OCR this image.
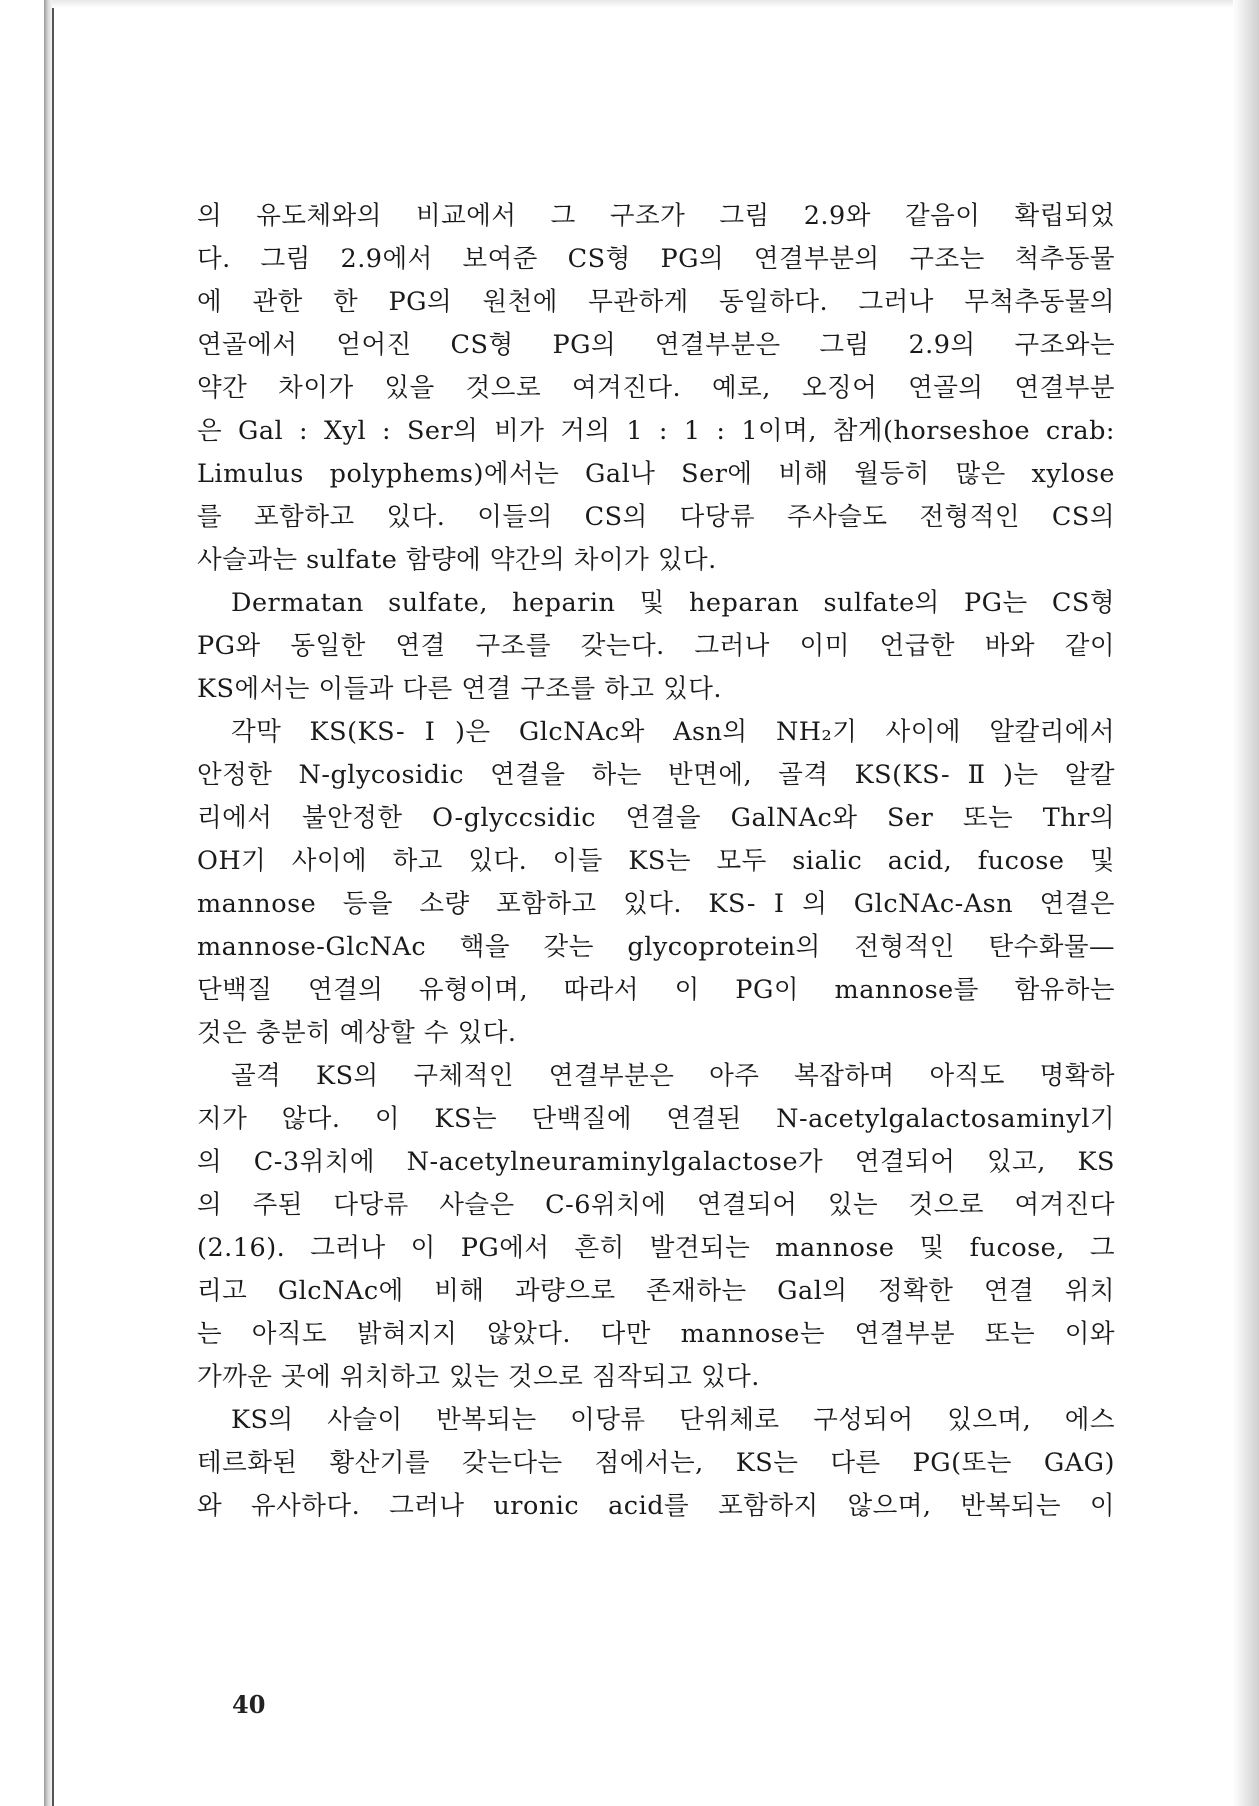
의 유도체와의 비교에서 그 구조가 그림 2.9와 같음이 확립되었
다. 그림 2.9에서 보여준 CS형 PG의 연결부분의 구조는 척추동물
에 관한 한 PG의 원천에 무관하게 동일하다. 그러나 무척추동물의
연골에서 얻어진 CS형 PG의 연결부분은 그림 2.9의 구조와는
약간 차이가 있을 것으로 여겨진다. 예로, 오징어 연골의 연결부분
은 Gal : Xyl : Ser의 비가 거의 1 : 1 : 1이며, 참게(horseshoe crab:
Limulus polyphems)에서는 Gal나 Ser에 비해 월등히 많은 xylose
를 포함하고 있다. 이들의 CS의 다당류 주사슬도 전형적인 CS의
사슬과는 sulfate 함량에 약간의 차이가 있다.
Dermatan sulfate, heparin 및 heparan sulfate의 PG는 CS형
PG와 동일한 연결 구조를 갖는다. 그러나 이미 언급한 바와 같이
KS에서는 이들과 다른 연결 구조를 하고 있다.
각막 KS(KS-Ⅰ)은 GlcNAc와 Asn의 NH₂기 사이에 알칼리에서
안정한 N-glycosidic 연결을 하는 반면에, 골격 KS(KS-Ⅱ)는 알칼
리에서 불안정한 O-glyccsidic 연결을 GalNAc와 Ser 또는 Thr의
OH기 사이에 하고 있다. 이들 KS는 모두 sialic acid, fucose 및
mannose 등을 소량 포함하고 있다. KS-Ⅰ의 GlcNAc-Asn 연결은
mannose-GlcNAc 핵을 갖는 glycoprotein의 전형적인 탄수화물—
단백질 연결의 유형이며, 따라서 이 PG이 mannose를 함유하는
것은 충분히 예상할 수 있다.
골격 KS의 구체적인 연결부분은 아주 복잡하며 아직도 명확하
지가 않다. 이 KS는 단백질에 연결된 N-acetylgalactosaminyl기
의 C-3위치에 N-acetylneuraminylgalactose가 연결되어 있고, KS
의 주된 다당류 사슬은 C-6위치에 연결되어 있는 것으로 여겨진다
(2.16). 그러나 이 PG에서 흔히 발견되는 mannose 및 fucose, 그
리고 GlcNAc에 비해 과량으로 존재하는 Gal의 정확한 연결 위치
는 아직도 밝혀지지 않았다. 다만 mannose는 연결부분 또는 이와
가까운 곳에 위치하고 있는 것으로 짐작되고 있다.
KS의 사슬이 반복되는 이당류 단위체로 구성되어 있으며, 에스
테르화된 황산기를 갖는다는 점에서는, KS는 다른 PG(또는 GAG)
와 유사하다. 그러나 uronic acid를 포함하지 않으며, 반복되는 이
40
